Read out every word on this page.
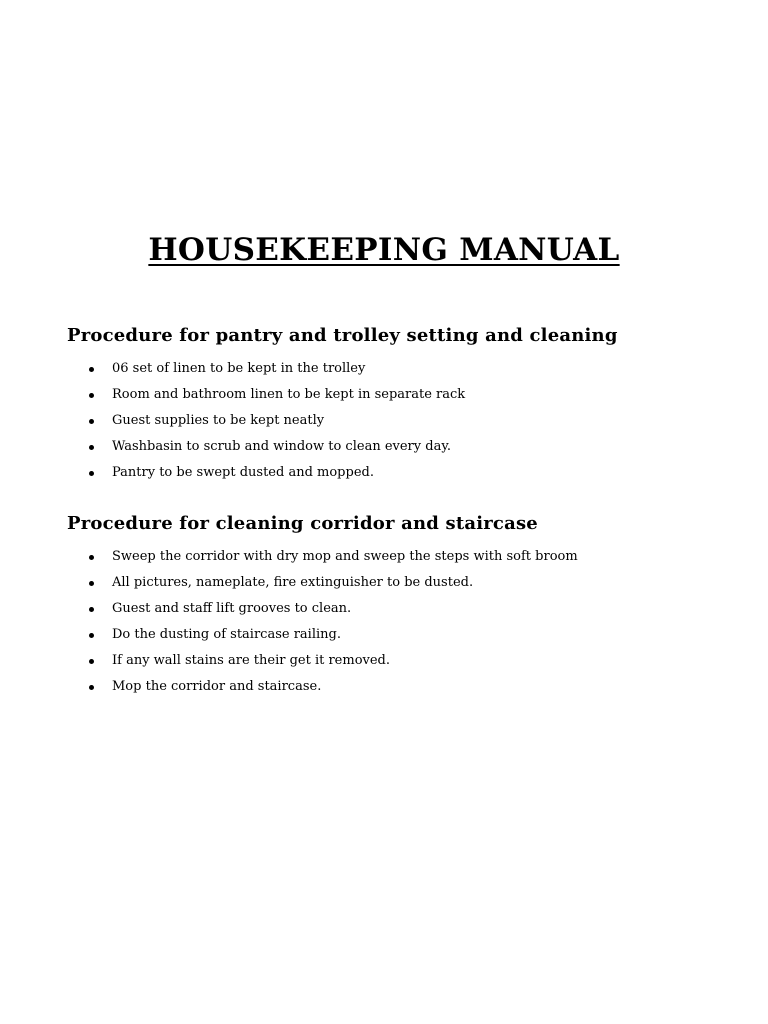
HOUSEKEEPING MANUAL
Procedure for pantry and trolley setting and cleaning
06 set of linen to be kept in the trolley
Room and bathroom linen to be kept in separate rack
Guest supplies to be kept neatly
Washbasin to scrub and window to clean every day.
Pantry to be swept dusted and mopped.
Procedure for cleaning corridor and staircase
Sweep the corridor with dry mop and sweep the steps with soft broom
All pictures, nameplate, fire extinguisher to be dusted.
Guest and staff lift grooves to clean.
Do the dusting of staircase railing.
If any wall stains are their get it removed.
Mop the corridor and staircase.
